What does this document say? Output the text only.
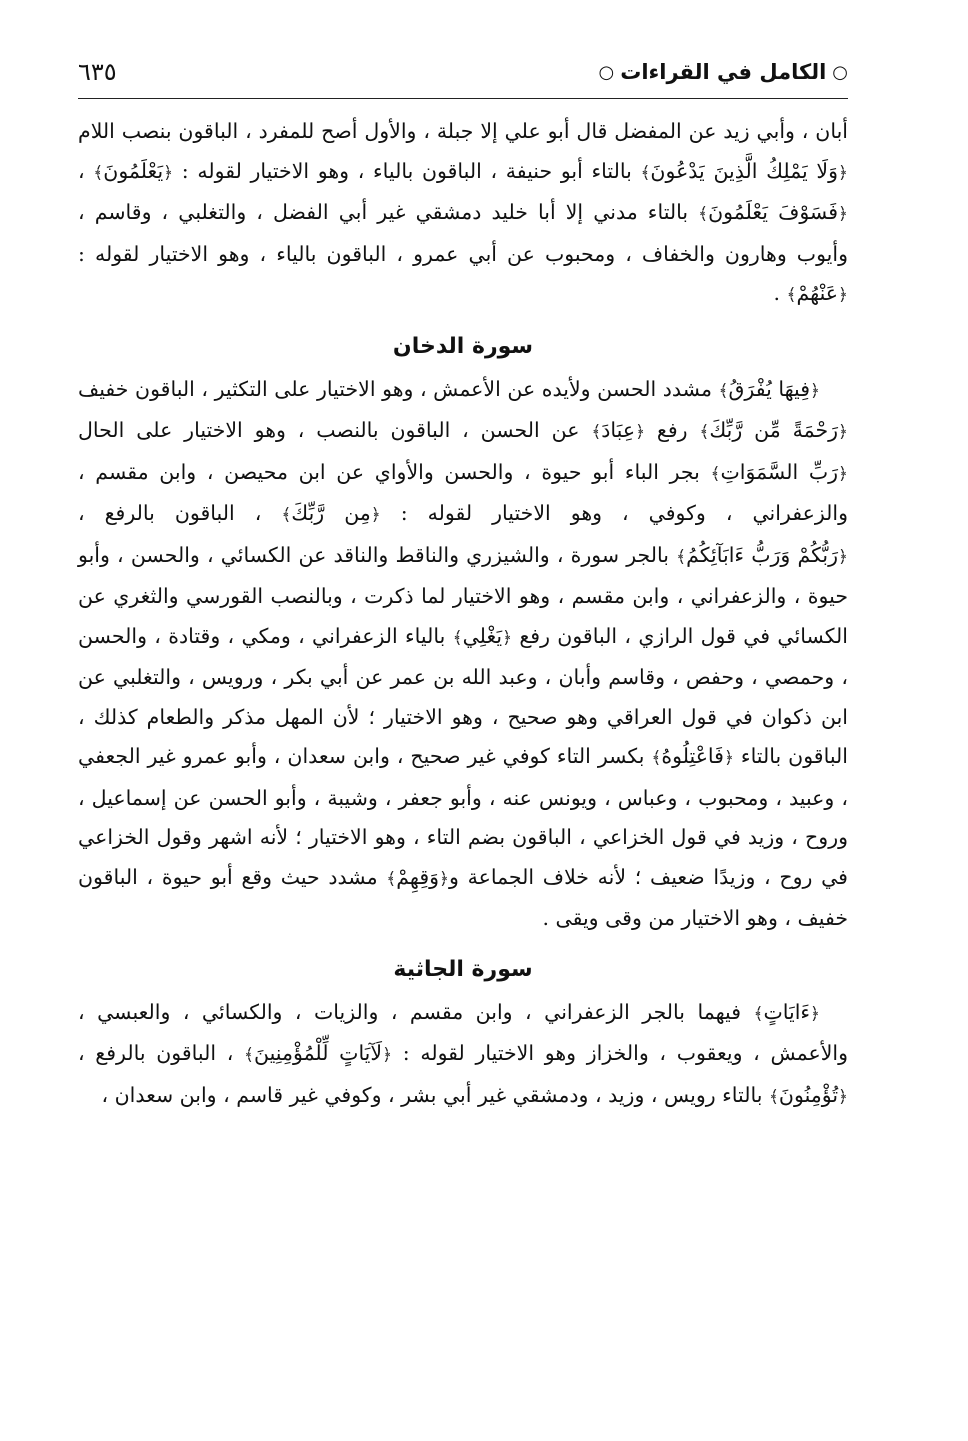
○
الكامل في القراءات
○
٦٣٥

أبان ، وأبي زيد عن المفضل قال أبو علي إلا جبلة ، والأول أصح للمفرد ، الباقون بنصب اللام ﴿وَلَا يَمْلِكُ الَّذِينَ يَدْعُونَ﴾ بالتاء أبو حنيفة ، الباقون بالياء ، وهو الاختيار لقوله : ﴿يَعْلَمُونَ﴾ ، ﴿فَسَوْفَ يَعْلَمُونَ﴾ بالتاء مدني إلا أبا خليد دمشقي غير أبي الفضل ، والتغلبي ، وقاسم ، وأيوب وهارون والخفاف ، ومحبوب عن أبي عمرو ، الباقون بالياء ، وهو الاختيار لقوله : ﴿عَنْهُمْ﴾ .

سورة الدخان

﴿فِيهَا يُفْرَقُ﴾ مشدد الحسن ولأيده عن الأعمش ، وهو الاختيار على التكثير ، الباقون خفيف ﴿رَحْمَةً مِّن رَّبِّكَ﴾ رفع ﴿عِبَادَ﴾ عن الحسن ، الباقون بالنصب ، وهو الاختيار على الحال ﴿رَبِّ السَّمَوَاتِ﴾ بجر الباء أبو حيوة ، والحسن والأواي عن ابن محيصن ، وابن مقسم ، والزعفراني ، وكوفي ، وهو الاختيار لقوله : ﴿مِن رَّبِّكَ﴾ ، الباقون بالرفع ، ﴿رَبُّكُمْ وَرَبُّ ءَابَآئِكُمُ﴾ بالجر سورة ، والشيزري والناقط والناقد عن الكسائي ، والحسن ، وأبو حيوة ، والزعفراني ، وابن مقسم ، وهو الاختيار لما ذكرت ، وبالنصب القورسي والثغري عن الكسائي في قول الرازي ، الباقون رفع ﴿يَغْلِي﴾ بالياء الزعفراني ، ومكي ، وقتادة ، والحسن ، وحمصي ، وحفص ، وقاسم وأبان ، وعبد الله بن عمر عن أبي بكر ، ورويس ، والتغلبي عن ابن ذكوان في قول العراقي وهو صحيح ، وهو الاختيار ؛ لأن المهل مذكر والطعام كذلك ، الباقون بالتاء ﴿فَاعْتِلُوهُ﴾ بكسر التاء كوفي غير صحيح ، وابن سعدان ، وأبو عمرو غير الجعفي ، وعبيد ، ومحبوب ، وعباس ، ويونس عنه ، وأبو جعفر ، وشيبة ، وأبو الحسن عن إسماعيل ، وروح ، وزيد في قول الخزاعي ، الباقون بضم التاء ، وهو الاختيار ؛ لأنه اشهر وقول الخزاعي في روح ، وزيدًا ضعيف ؛ لأنه خلاف الجماعة و﴿وَقِهِمْ﴾ مشدد حيث وقع أبو حيوة ، الباقون خفيف ، وهو الاختيار من وقى ويقى .

سورة الجاثية

﴿ءَايَاتٍ﴾ فيهما بالجر الزعفراني ، وابن مقسم ، والزيات ، والكسائي ، والعبسي ، والأعمش ، ويعقوب ، والخزاز وهو الاختيار لقوله : ﴿لَآيَاتٍ لِّلْمُؤْمِنِينَ﴾ ، الباقون بالرفع ، ﴿تُؤْمِنُونَ﴾ بالتاء رويس ، وزيد ، ودمشقي غير أبي بشر ، وكوفي غير قاسم ، وابن سعدان ،
